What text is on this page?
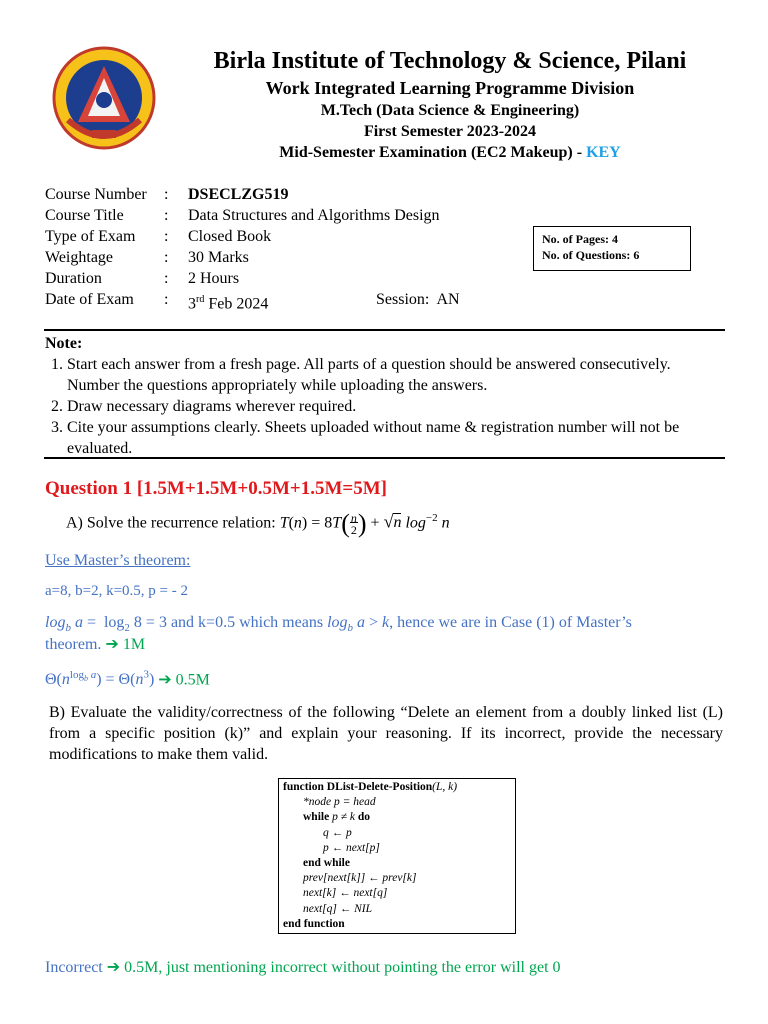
Birla Institute of Technology & Science, Pilani
Work Integrated Learning Programme Division
M.Tech (Data Science & Engineering)
First Semester 2023-2024
Mid-Semester Examination (EC2 Makeup) - KEY
Course Number : DSECLZG519
Course Title	: Data Structures and Algorithms Design
Type of Exam : Closed Book
Weightage	: 30 Marks
Duration	: 2 Hours
Date of Exam : 3rd Feb 2024	Session: AN
No. of Pages: 4
No. of Questions: 6
Note:
1. Start each answer from a fresh page. All parts of a question should be answered consecutively. Number the questions appropriately while uploading the answers.
2. Draw necessary diagrams wherever required.
3. Cite your assumptions clearly. Sheets uploaded without name & registration number will not be evaluated.
Question 1 [1.5M+1.5M+0.5M+1.5M=5M]
A) Solve the recurrence relation: $T(n) = 8T(\frac{n}{2}) + √n$ $\log^{-2} n$
Use Master’s theorem:
a=8, b=2, k=0.5, p = - 2
$\log_b a = \log_2 8 = 3$ and k=0.5 which means $\log_b a > k$, hence we are in Case (1) of Master’s
theorem. ➔ 1M
$\Theta(n^{log_b a}) = \Theta(n^3)$ ➔ 0.5M
B) Evaluate the validity/correctness of the following “Delete an element from a doubly linked list (L) from a specific position (k)” and explain your reasoning. If its incorrect, provide the necessary modifications to make them valid.
function DList-Delete-Position(L, k)
*node p = head
while p ≠ k do
q ← p
p ← next[p]
end while
prev[next[k]] ← prev[k]
next[k] ← next[q]
next[q] ← NIL
end function
Incorrect ➔ 0.5M, just mentioning incorrect without pointing the error will get 0
